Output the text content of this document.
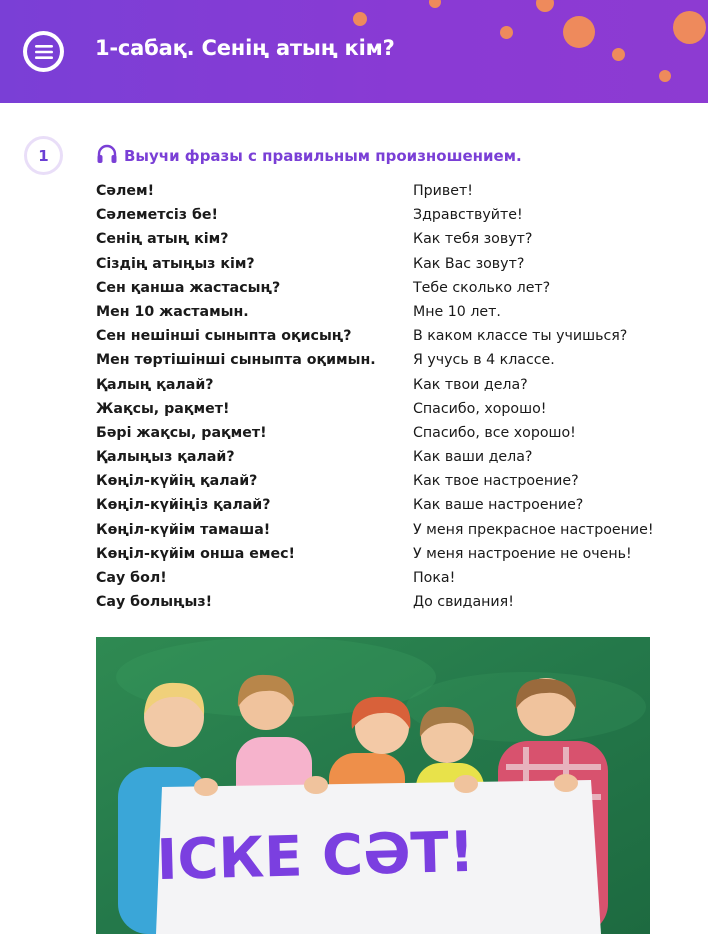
1-сабақ. Сенің атың кім?
1	Выучи фразы с правильным произношением.
Сәлем!	Привет!
Сәлеметсіз бе!	Здравствуйте!
Сенің атың кім?	Как тебя зовут?
Сіздің атыңыз кім?	Как Вас зовут?
Сен қанша жастасың?	Тебе сколько лет?
Мен 10 жастамын.	Мне 10 лет.
Сен нешінші сыныпта оқисың?	В каком классе ты учишься?
Мен төртішінші сыныпта оқимын.	Я учусь в 4 классе.
Қалың қалай?	Как твои дела?
Жақсы, рақмет!	Спасибо, хорошо!
Бәрі жақсы, рақмет!	Спасибо, все хорошо!
Қалыңыз қалай?	Как ваши дела?
Көңіл-күйің қалай?	Как твое настроение?
Көңіл-күйіңіз қалай?	Как ваше настроение?
Көңіл-күйім тамаша!	У меня прекрасное настроение!
Көңіл-күйім онша емес!	У меня настроение не очень!
Сау бол!	Пока!
Сау болыңыз!	До свидания!
ІСКЕ СӘТ!
